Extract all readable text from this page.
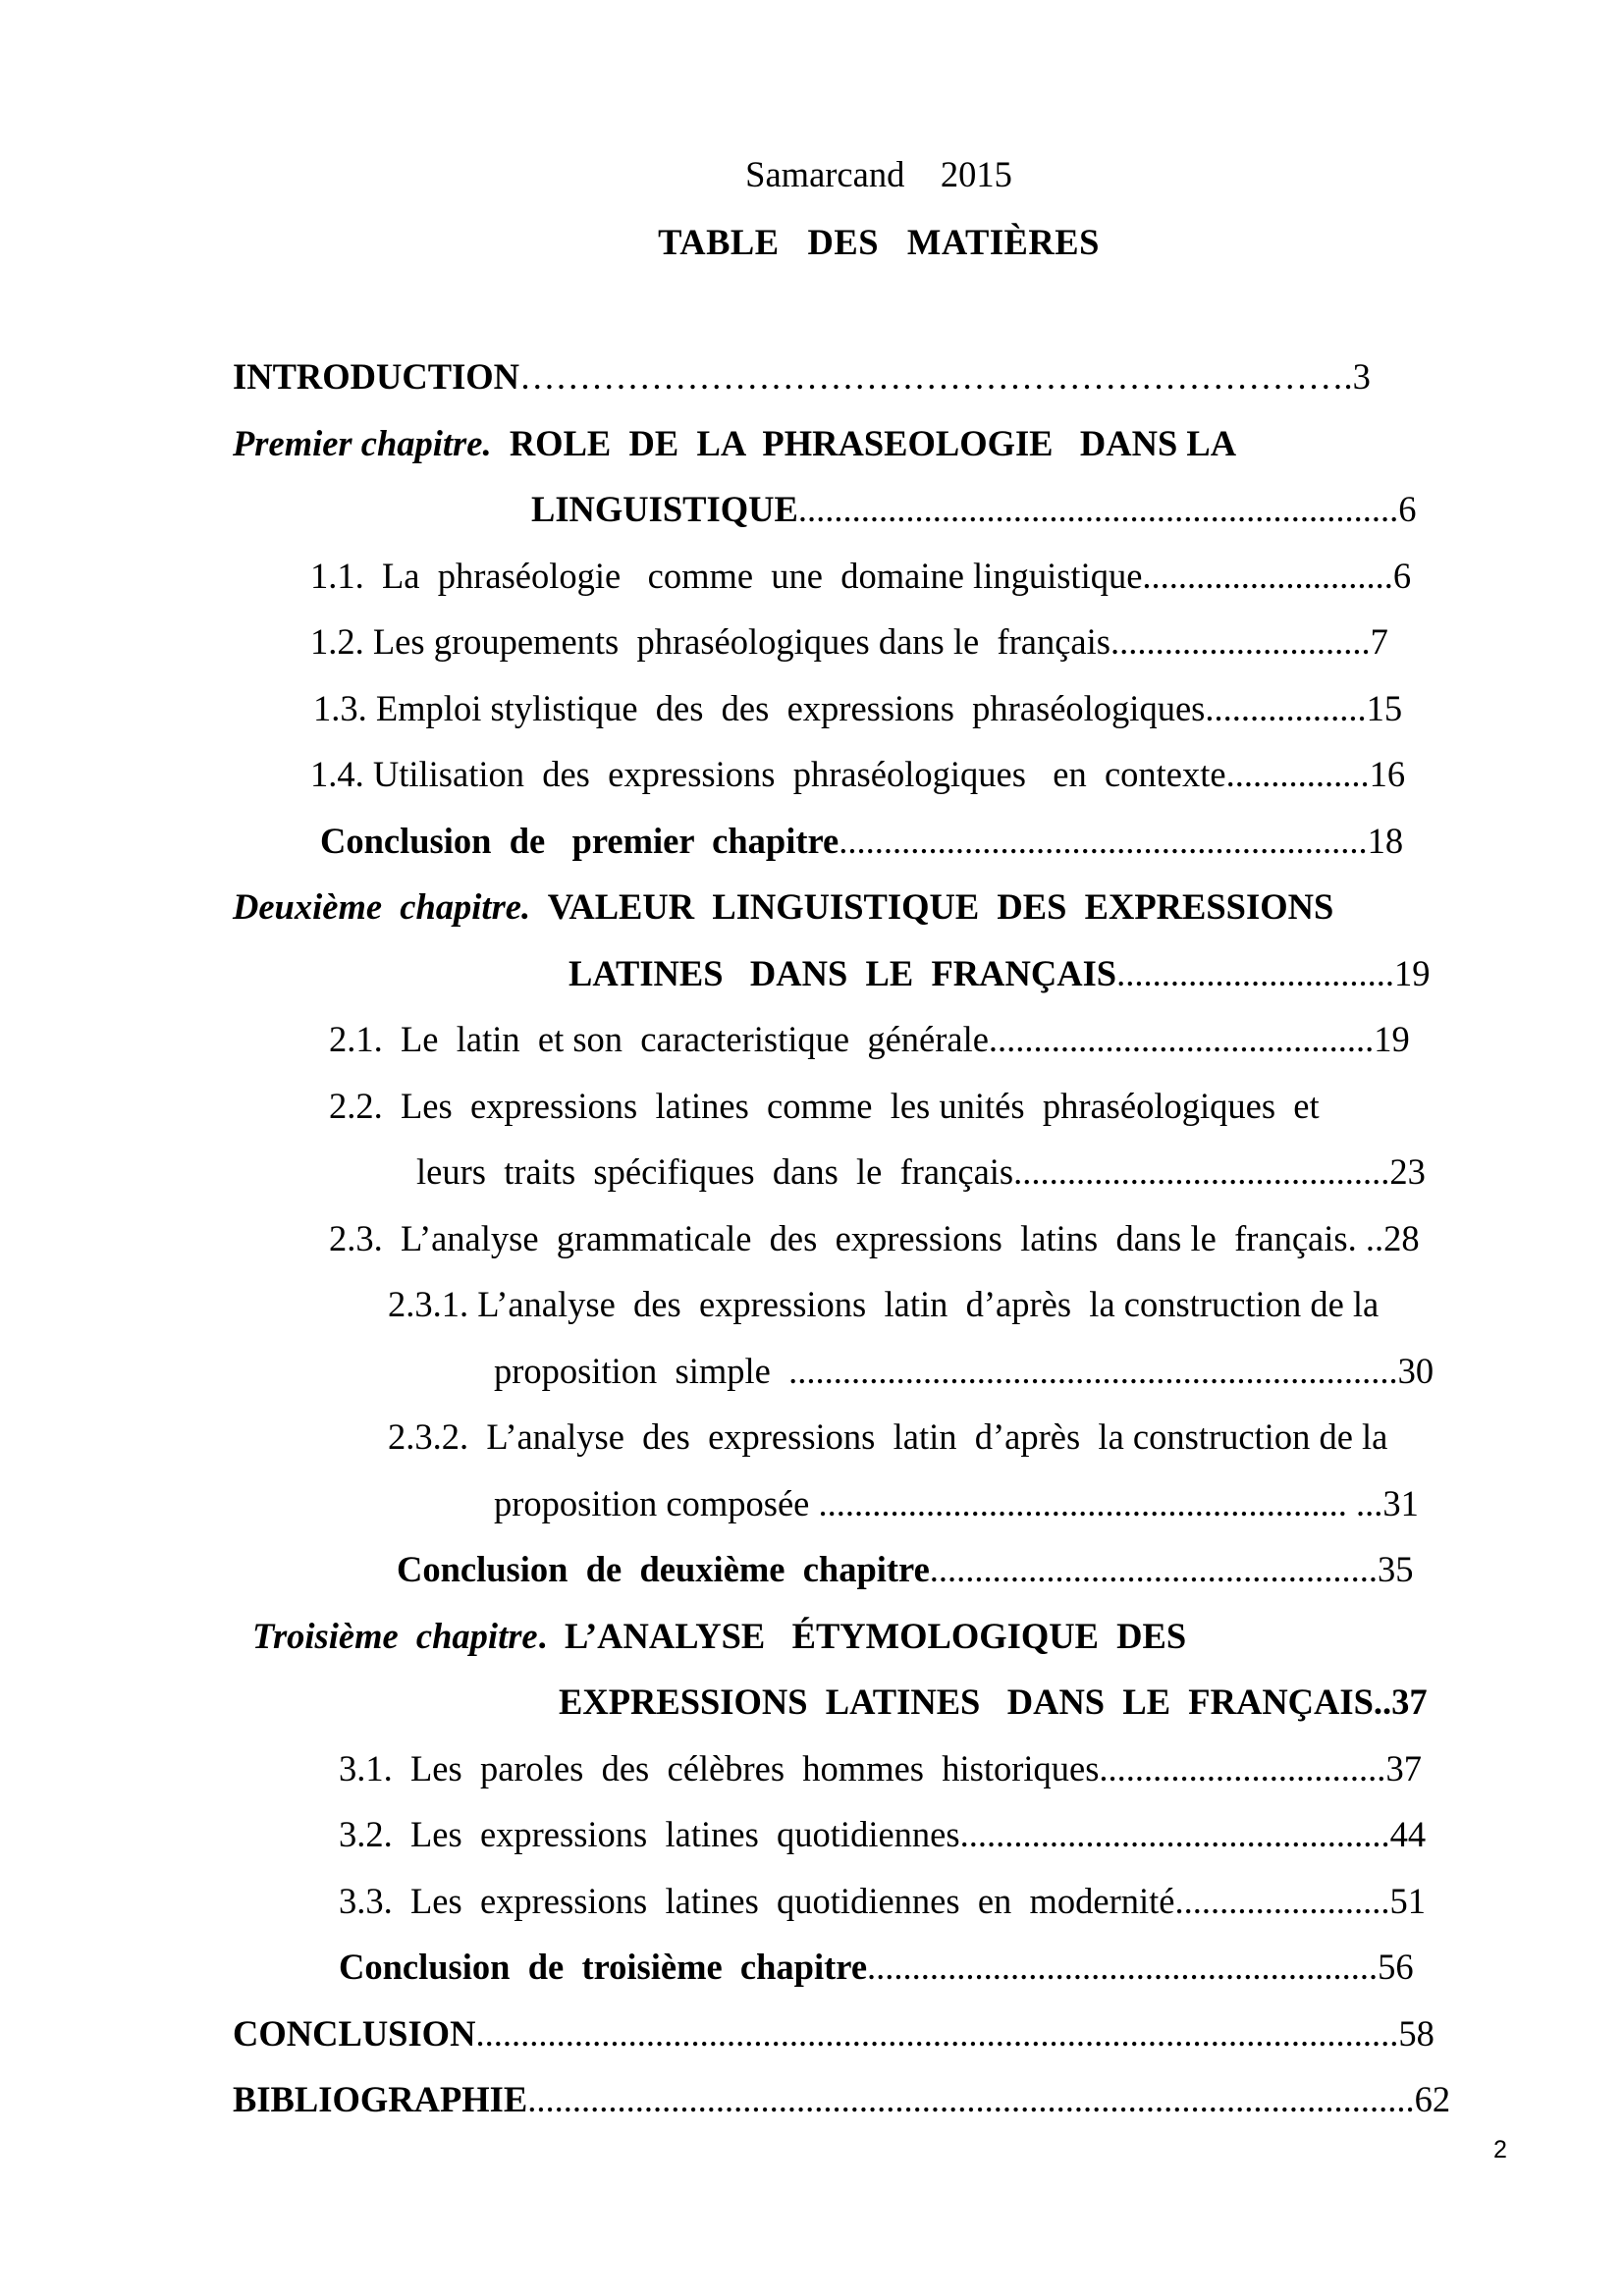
Samarcand    2015
TABLE   DES   MATIÈRES
INTRODUCTION…………………………………………………………….3
Premier chapitre.  ROLE  DE  LA  PHRASEOLOGIE   DANS LA
LINGUISTIQUE...................................................................6
1.1.  La  phraséologie   comme  une  domaine linguistique............................6
1.2. Les groupements  phraséologiques dans le  français.............................7
1.3. Emploi stylistique  des  des  expressions  phraséologiques..................15
1.4. Utilisation  des  expressions  phraséologiques   en  contexte................16
Conclusion  de   premier  chapitre...........................................................18
Deuxième  chapitre.  VALEUR  LINGUISTIQUE  DES  EXPRESSIONS
LATINES   DANS  LE  FRANÇAIS...............................19
2.1.  Le  latin  et son  caracteristique  générale...........................................19
2.2.  Les  expressions  latines  comme  les unités  phraséologiques  et
leurs  traits  spécifiques  dans  le  français..........................................23
2.3.  L’analyse  grammaticale  des  expressions  latins  dans le  français. ..28
2.3.1. L’analyse  des  expressions  latin  d’après  la construction de la
proposition  simple  ....................................................................30
2.3.2.  L’analyse  des  expressions  latin  d’après  la construction de la
proposition composée ........................................................... ...31
Conclusion  de  deuxième  chapitre..................................................35
Troisième  chapitre.  L’ANALYSE   ÉTYMOLOGIQUE  DES
EXPRESSIONS  LATINES   DANS  LE  FRANÇAIS..37
3.1.  Les  paroles  des  célèbres  hommes  historiques................................37
3.2.  Les  expressions  latines  quotidiennes................................................44
3.3.  Les  expressions  latines  quotidiennes  en  modernité........................51
Conclusion  de  troisième  chapitre.........................................................56
CONCLUSION.......................................................................................................58
BIBLIOGRAPHIE...................................................................................................62
2
